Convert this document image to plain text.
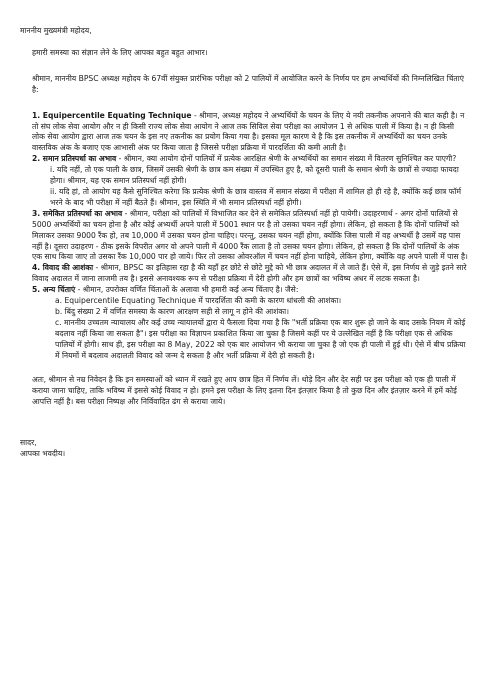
माननीय मुख्यमंत्री महोदय,

हमारी समस्या का संज्ञान लेने के लिए आपका बहुत बहुत आभार।

श्रीमान, माननीय BPSC अध्यक्ष महोदय के 67वीं संयुक्त प्रारंभिक परीक्षा को 2 पालियों में आयोजित करने के निर्णय पर हम अभ्यर्थियों की निम्नलिखित चिंताएं है:

1. Equipercentile Equating Technique - श्रीमान, अध्यक्ष महोदय ने अभ्यर्थियों के चयन के लिए ये नयी तकनीक अपनाने की बात कही है। न तो संघ लोक सेवा आयोग और न ही किसी राज्य लोक सेवा आयोग ने आज तक सिविल सेवा परीक्षा का आयोजन 1 से अधिक पाली में किया है। न ही किसी लोक सेवा आयोग द्वारा आज तक चयन के इस नए तकनीक का प्रयोग किया गया है। इसका मूल कारण ये है कि इस तकनीक में अभ्यर्थियों का चयन उनके वास्तविक अंक के बजाए एक आभासी अंक पर किया जाता है जिससे परीक्षा प्रक्रिया में पारदर्शिता की कमी आती है।

2. समान प्रतिस्पर्धा का अभाव - श्रीमान, क्या आयोग दोनों पालियों में प्रत्येक आरक्षित श्रेणी के अभ्यर्थियों का समान संख्या में वितरण सुनिश्चित कर पाएगी?

i. यदि नहीं, तो एक पाली के छात्र, जिसमें उसकी श्रेणी के छात्र कम संख्या में उपस्थित हुए है, को दूसरी पाली के समान श्रेणी के छात्रों से ज्यादा फायदा होगा। श्रीमान, यह एक समान प्रतिस्पर्धा नहीं होगी।

ii. यदि हां, तो आयोग यह कैसे सुनिश्चित करेगा कि प्रत्येक श्रेणी के छात्र वास्तव में समान संख्या में परीक्षा में शामिल हो ही रहे है, क्योंकि कई छात्र फॉर्म भरने के बाद भी परीक्षा में नहीं बैठते हैं। श्रीमान, इस स्थिति में भी समान प्रतिस्पर्धा नहीं होगी।

3. समेकित प्रतिस्पर्धा का अभाव - श्रीमान, परीक्षा को पालियों में विभाजित कर देने से समेकित प्रतिस्पर्धा नहीं हो पायेगी। उदाहरणार्थ - अगर दोनों पालियों से 5000 अभ्यर्थियों का चयन होना है और कोई अभ्यर्थी अपने पाली में 5001 स्थान पर है तो उसका चयन नहीं होगा। लेकिन, हो सकता है कि दोनों पालियों को मिलाकर उसका 9000 रैंक हो, तब 10,000 में उसका चयन होना चाहिए। परन्तु, उसका चयन नहीं होगा, क्योंकि जिस पाली में वह अभ्यर्थी है उसमें वह पास नहीं है। दूसरा उदाहरण - ठीक इसके विपरीत अगर वो अपने पाली में 4000 रैंक लाता है तो उसका चयन होगा। लेकिन, हो सकता है कि दोनों पालियों के अंक एक साथ किया जाए तो उसका रैंक 10,000 पार हो जाये। फिर तो उसका ओवरऑल में चयन नहीं होना चाहिये, लेकिन होगा, क्योंकि वह अपने पाली में पास है।

4. विवाद की आशंका - श्रीमान, BPSC का इतिहास रहा है की यहाँ हर छोटे से छोटे मुद्दे को भी छात्र अदालत में ले जाते हैं। ऐसे में, इस निर्णय से जुड़े इतने सारे विवाद अदालत में जाना लाजमी तय है। इससे अनावश्यक रूप से परीक्षा प्रक्रिया में देरी होगी और हम छात्रों का भविष्य अधर में लटक सकता है।

5. अन्य चिंताएं - श्रीमान, उपरोक्त वर्णित चिंताओं के अलावा भी हमारी कई अन्य चिंताए है। जैसे:

a. Equipercentile Equating Technique में पारदर्शिता की कमी के कारण धांधली की आशंका।

b. बिंदु संख्या 2 में वर्णित समस्या के कारण आरक्षण सही से लागू न होने की आशंका।

c. माननीय उच्चतम न्यायालय और कई उच्च न्यायालयों द्वारा ये फैसला दिया गया है कि "भर्ती प्रक्रिया एक बार शुरू हो जाने के बाद उसके नियम में कोई बदलाव नहीं किया जा सकता है"। इस परीक्षा का विज्ञापन प्रकाशित किया जा चुका है जिसमे कहीं पर ये उल्लेखित नहीं है कि परीक्षा एक से अधिक पालियों में होगी। साथ ही, इस परीक्षा का 8 May, 2022 को एक बार आयोजन भी कराया जा चुका है जो एक ही पाली में हुई थी। ऐसे में बीच प्रक्रिया में नियमों में बदलाव अदालती विवाद को जन्म दे सकता है और भर्ती प्रक्रिया में देरी हो सकती है।

अतः, श्रीमान से नम्र निवेदन है कि इन समस्याओं को ध्यान में रखते हुए आप छात्र हित में निर्णय लें। थोड़े दिन और देर सही पर इस परीक्षा को एक ही पाली में कराया जाना चाहिए, ताकि भविष्य में इससे कोई विवाद न हो। हमने इस परीक्षा के लिए इतना दिन इंतज़ार किया है तो कुछ दिन और इंतज़ार करने में हमें कोई आपत्ति नहीं है। बस परीक्षा निष्पक्ष और निर्विवादित ढंग से कराया जाये।

सादर,

आपका भवदीय।
